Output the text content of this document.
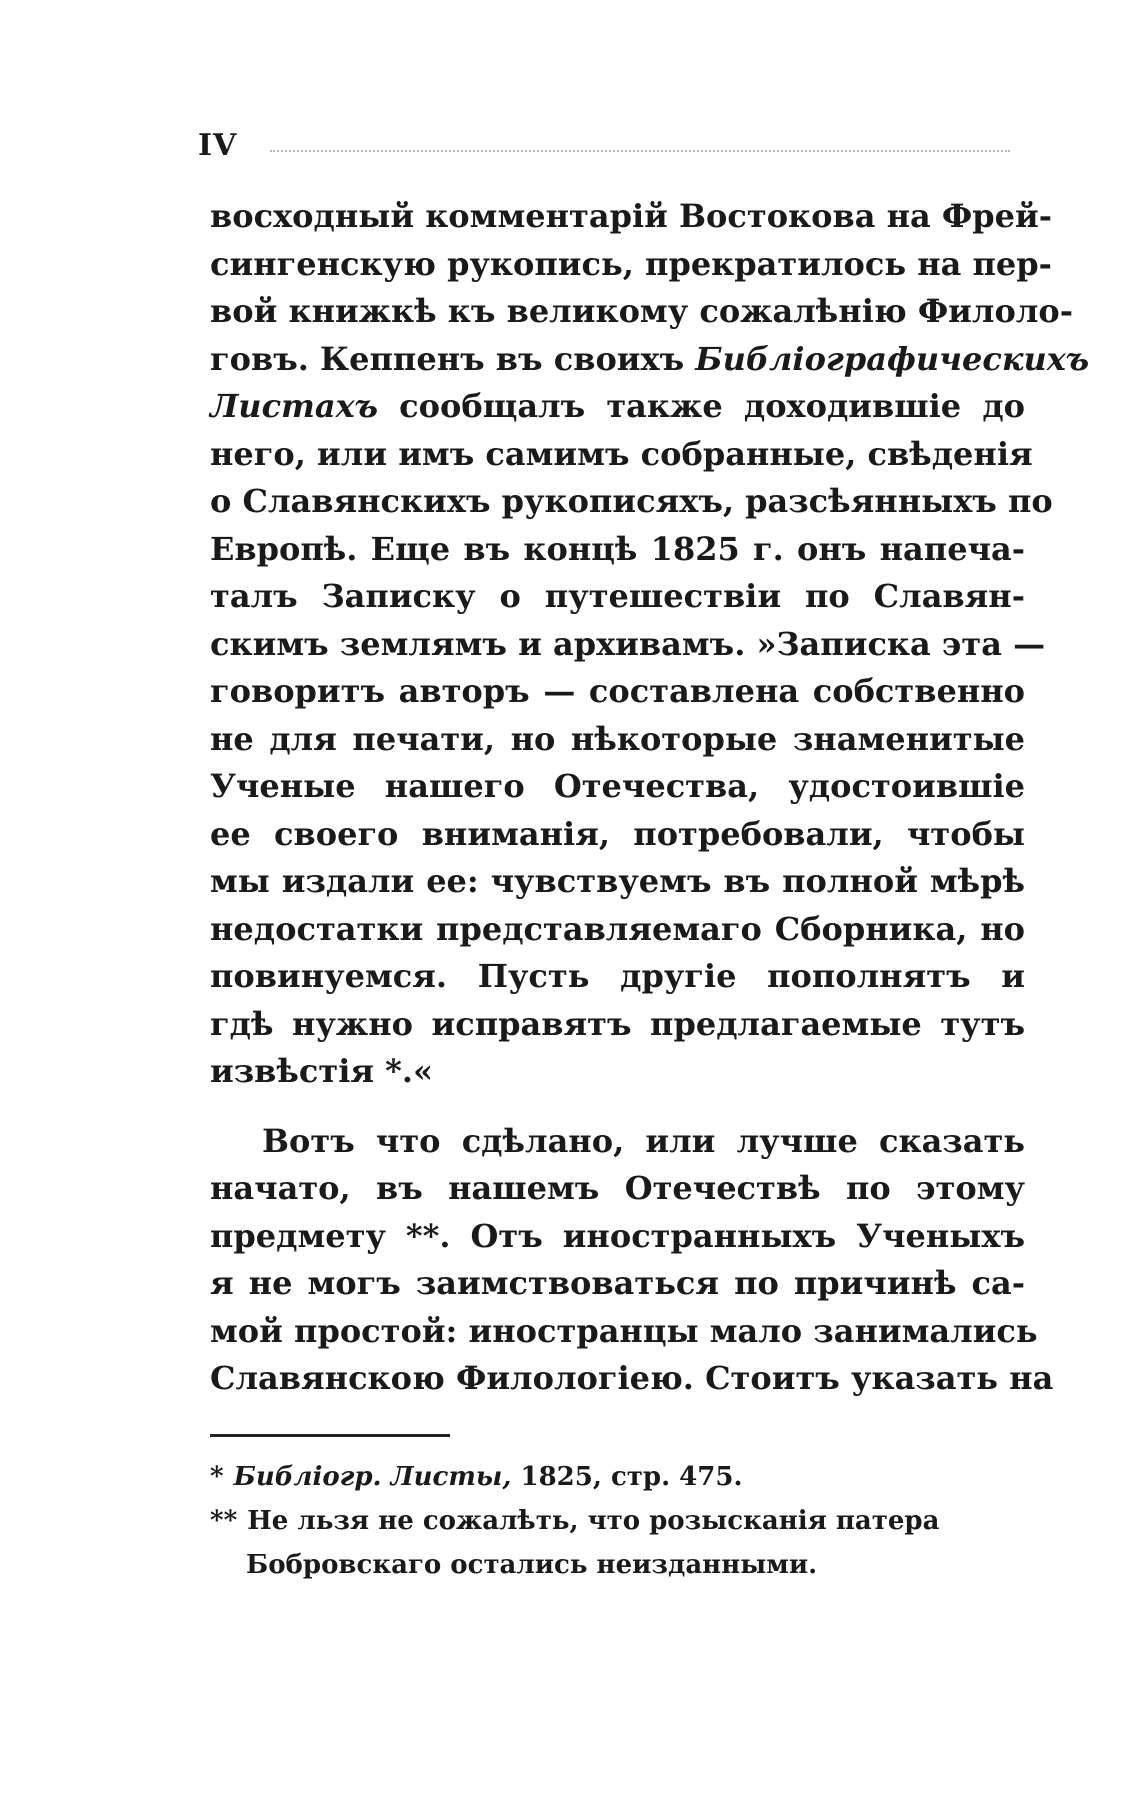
IV
восходный комментарій Востокова на Фрей-
сингенскую рукопись, прекратилось на пер-
вой книжкѣ къ великому сожалѣнію Филоло-
говъ. Кеппенъ въ своихъ Библіографическихъ
Листахъ сообщалъ также доходившіе до
него, или имъ самимъ собранные, свѣденія
о Славянскихъ рукописяхъ, разсѣянныхъ по
Европѣ. Еще въ концѣ 1825 г. онъ напеча-
талъ Записку о путешествіи по Славян-
скимъ землямъ и архивамъ. »Записка эта —
говоритъ авторъ — составлена собственно
не для печати, но нѣкоторые знаменитые
Ученые нашего Отечества, удостоившіе
ее своего вниманія, потребовали, чтобы
мы издали ее: чувствуемъ въ полной мѣрѣ
недостатки представляемаго Сборника, но
повинуемся. Пусть другіе пополнятъ и
гдѣ нужно исправятъ предлагаемые тутъ
извѣстія *.«
Вотъ что сдѣлано, или лучше сказать
начато, въ нашемъ Отечествѣ по этому
предмету **. Отъ иностранныхъ Ученыхъ
я не могъ заимствоваться по причинѣ са-
мой простой: иностранцы мало занимались
Славянскою Филологіею. Стоитъ указать на
* Библіогр. Листы, 1825, стр. 475.
** Не льзя не сожалѣть, что розысканія патера
Бобровскаго остались неизданными.
